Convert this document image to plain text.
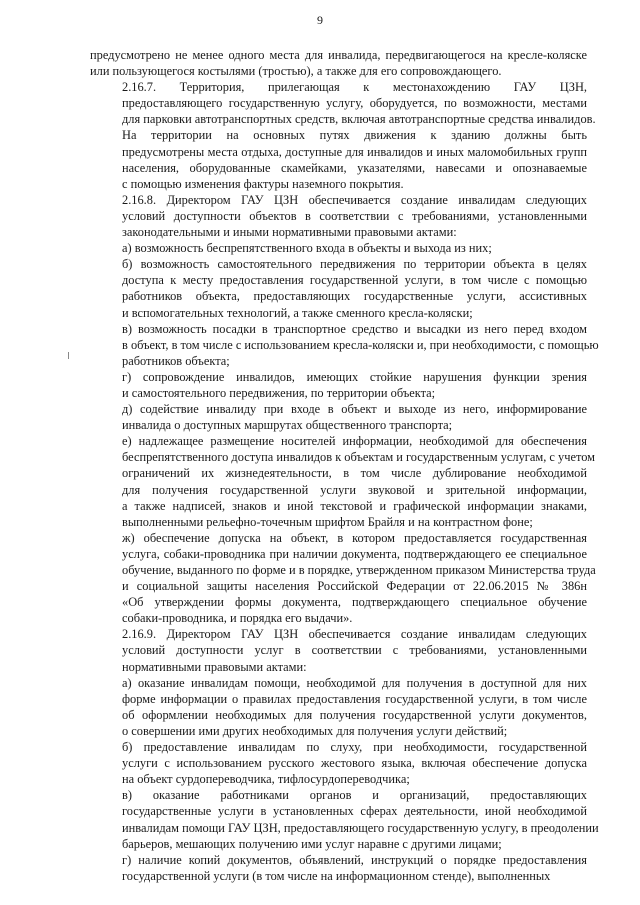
9

предусмотрено не менее одного места для инвалида, передвигающегося на кресле-коляске
или пользующегося костылями (тростью), а также для его сопровождающего.

2.16.7. Территория, прилегающая к местонахождению ГАУ ЦЗН,
предоставляющего государственную услугу, оборудуется, по возможности, местами
для парковки автотранспортных средств, включая автотранспортные средства инвалидов.

На территории на основных путях движения к зданию должны быть
предусмотрены места отдыха, доступные для инвалидов и иных маломобильных групп
населения, оборудованные скамейками, указателями, навесами и опознаваемые
с помощью изменения фактуры наземного покрытия.

2.16.8. Директором ГАУ ЦЗН обеспечивается создание инвалидам следующих
условий доступности объектов в соответствии с требованиями, установленными
законодательными и иными нормативными правовыми актами:

а) возможность беспрепятственного входа в объекты и выхода из них;

б) возможность самостоятельного передвижения по территории объекта в целях
доступа к месту предоставления государственной услуги, в том числе с помощью
работников объекта, предоставляющих государственные услуги, ассистивных
и вспомогательных технологий, а также сменного кресла-коляски;

в) возможность посадки в транспортное средство и высадки из него перед входом
в объект, в том числе с использованием кресла-коляски и, при необходимости, с помощью
работников объекта;

г) сопровождение инвалидов, имеющих стойкие нарушения функции зрения
и самостоятельного передвижения, по территории объекта;

д) содействие инвалиду при входе в объект и выходе из него, информирование
инвалида о доступных маршрутах общественного транспорта;

е) надлежащее размещение носителей информации, необходимой для обеспечения
беспрепятственного доступа инвалидов к объектам и государственным услугам, с учетом
ограничений их жизнедеятельности, в том числе дублирование необходимой
для получения государственной услуги звуковой и зрительной информации,
а также надписей, знаков и иной текстовой и графической информации знаками,
выполненными рельефно-точечным шрифтом Брайля и на контрастном фоне;

ж) обеспечение допуска на объект, в котором предоставляется государственная
услуга, собаки-проводника при наличии документа, подтверждающего ее специальное
обучение, выданного по форме и в порядке, утвержденном приказом Министерства труда
и социальной защиты населения Российской Федерации от 22.06.2015 № 386н
«Об утверждении формы документа, подтверждающего специальное обучение
собаки-проводника, и порядка его выдачи».

2.16.9. Директором ГАУ ЦЗН обеспечивается создание инвалидам следующих
условий доступности услуг в соответствии с требованиями, установленными
нормативными правовыми актами:

а) оказание инвалидам помощи, необходимой для получения в доступной для них
форме информации о правилах предоставления государственной услуги, в том числе
об оформлении необходимых для получения государственной услуги документов,
о совершении ими других необходимых для получения услуги действий;

б) предоставление инвалидам по слуху, при необходимости, государственной
услуги с использованием русского жестового языка, включая обеспечение допуска
на объект сурдопереводчика, тифлосурдопереводчика;

в) оказание работниками органов и организаций, предоставляющих
государственные услуги в установленных сферах деятельности, иной необходимой
инвалидам помощи ГАУ ЦЗН, предоставляющего государственную услугу, в преодолении
барьеров, мешающих получению ими услуг наравне с другими лицами;

г) наличие копий документов, объявлений, инструкций о порядке предоставления
государственной услуги (в том числе на информационном стенде), выполненных
